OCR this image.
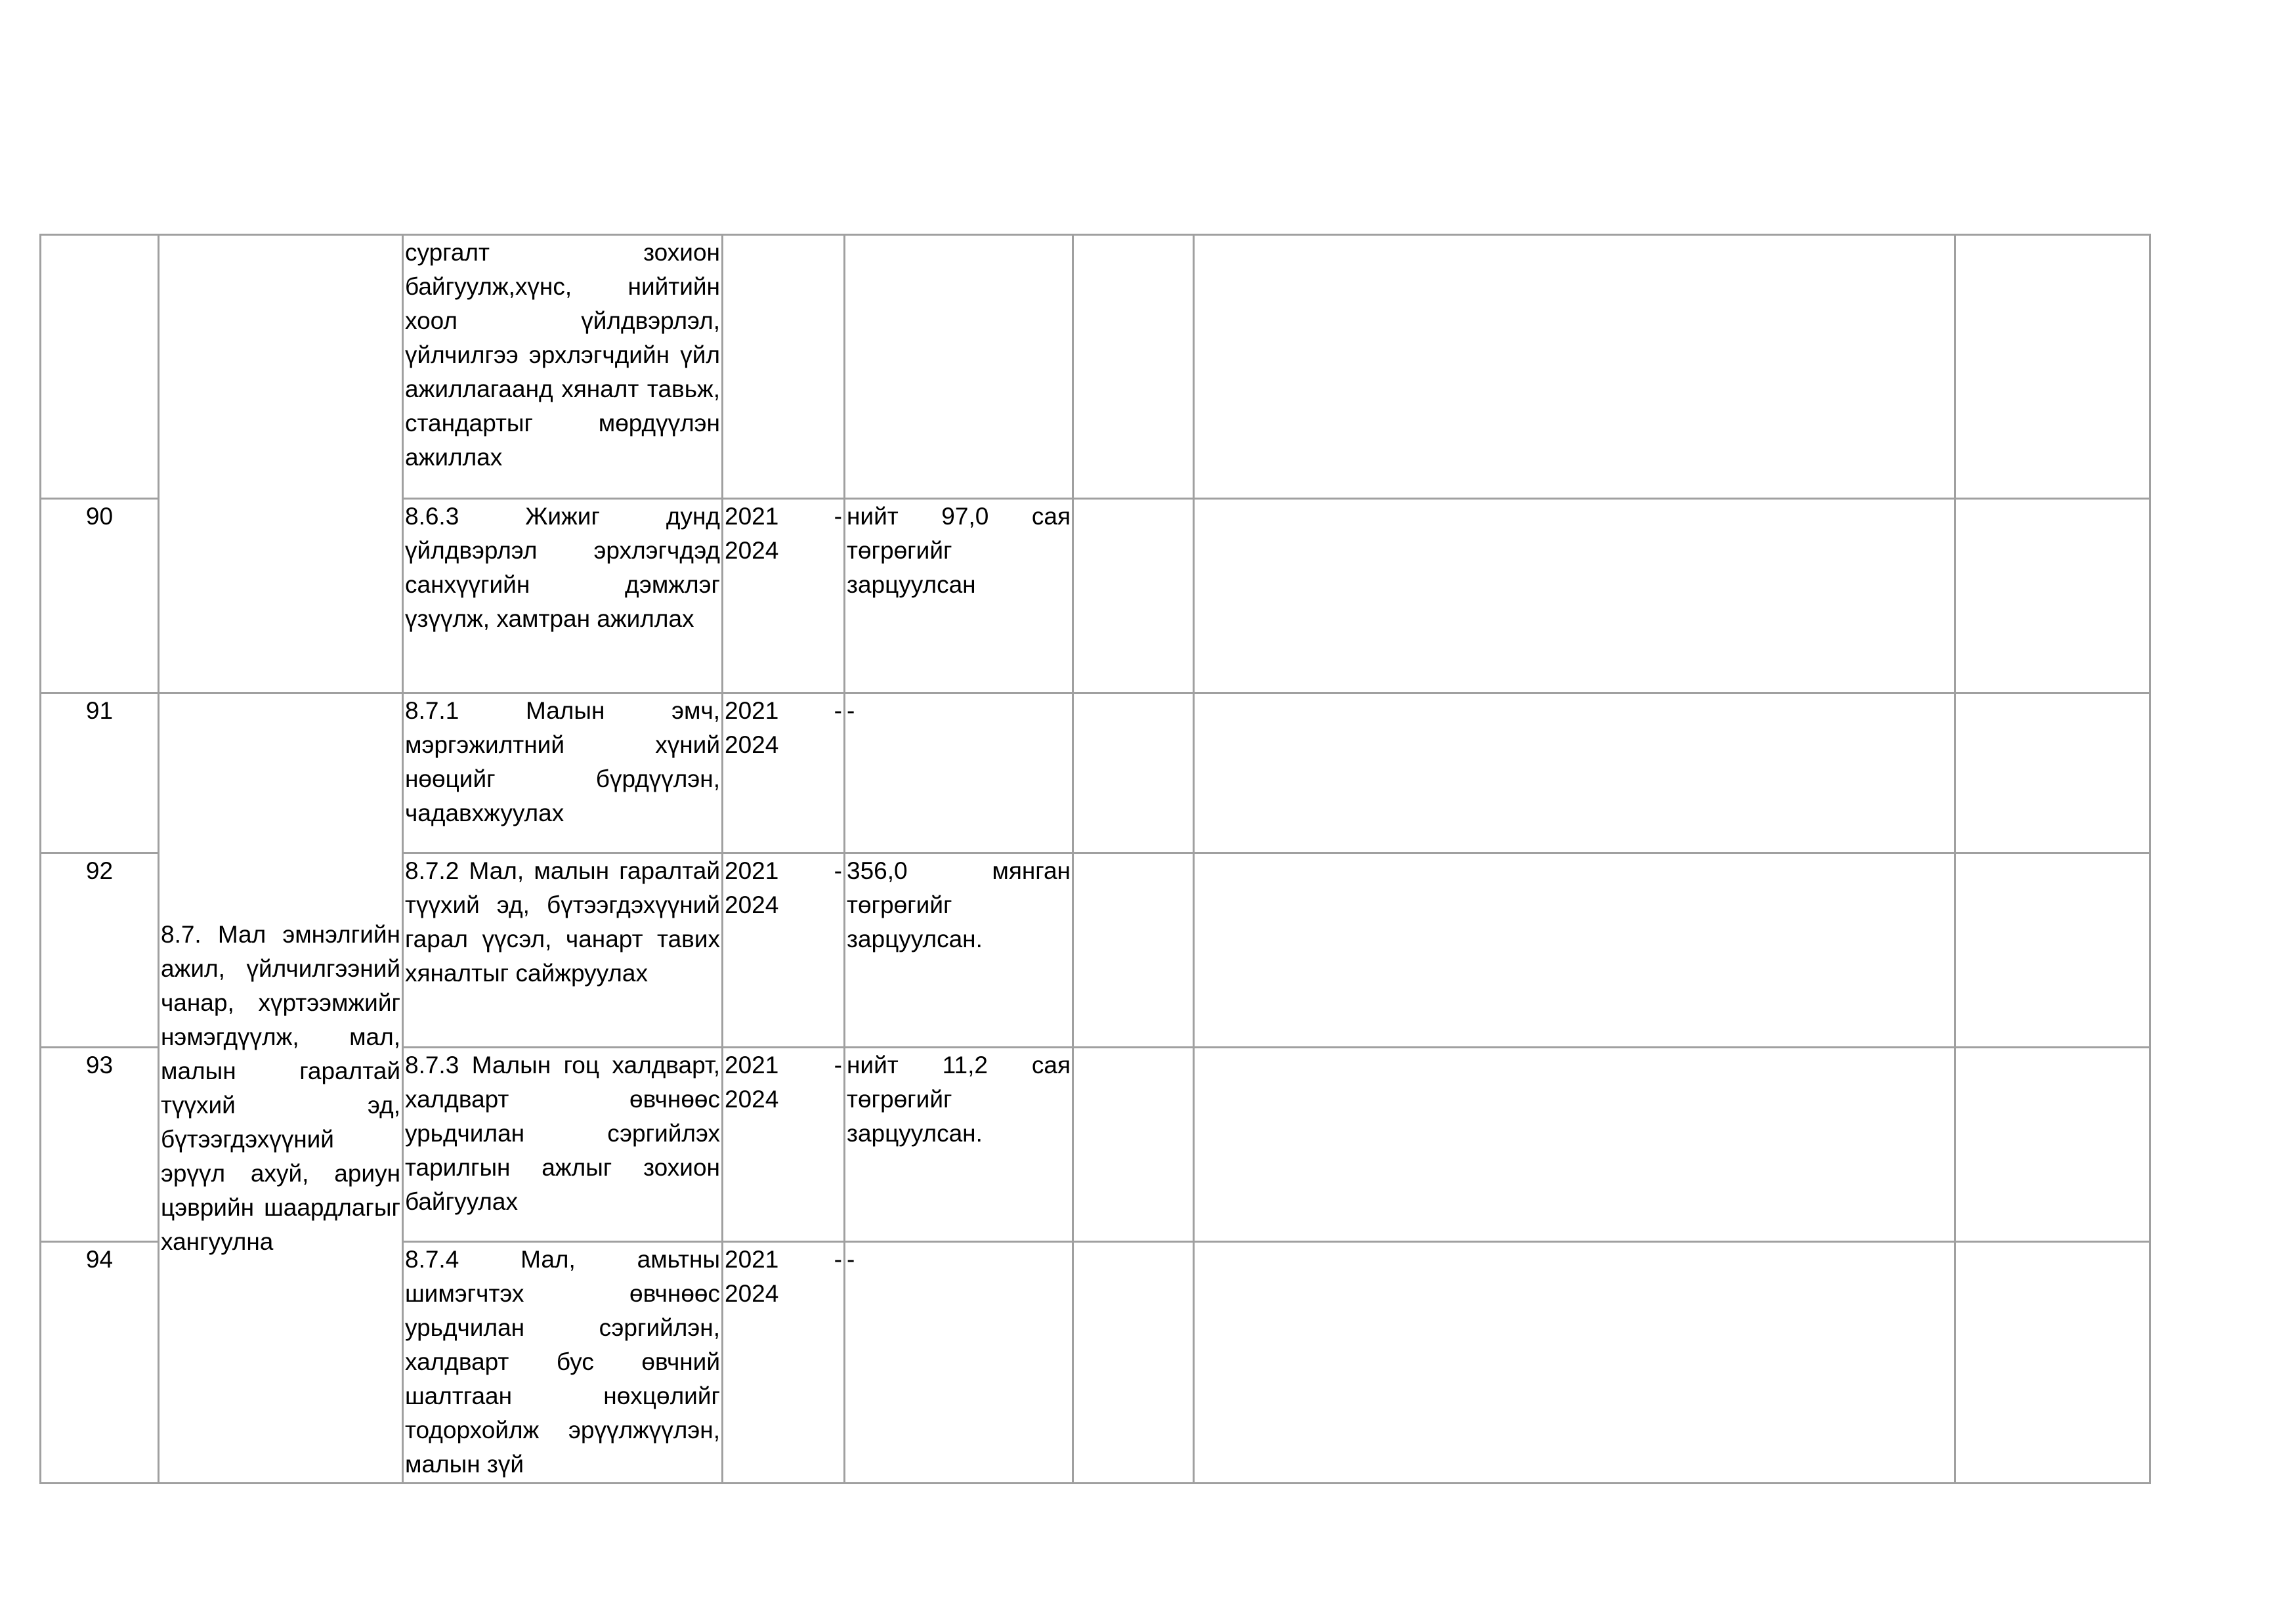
		сургалт зохион байгуулж,хүнс, нийтийн хоол үйлдвэрлэл, үйлчилгээ эрхлэгчдийн үйл ажиллагаанд хяналт тавьж, стандартыг мөрдүүлэн ажиллах					

90		8.6.3 Жижиг дунд үйлдвэрлэл эрхлэгчдэд санхүүгийн дэмжлэг үзүүлж, хамтран ажиллах	2021 -
2024	нийт 97,0 сая төгрөгийг зарцуулсан			

91	8.7. Мал эмнэлгийн ажил, үйлчилгээний чанар, хүртээмжийг нэмэгдүүлж, мал, малын гаралтай түүхий эд, бүтээгдэхүүний эрүүл ахуй, ариун цэврийн шаардлагыг хангуулна	8.7.1 Малын эмч, мэргэжилтний хүний нөөцийг бүрдүүлэн, чадавхжуулах	2021 -
2024	-			

92		8.7.2 Мал, малын гаралтай түүхий эд, бүтээгдэхүүний гарал үүсэл, чанарт тавих хяналтыг сайжруулах	2021 -
2024	356,0 мянган төгрөгийг зарцуулсан.			

93		8.7.3 Малын гоц халдварт, халдварт өвчнөөс урьдчилан сэргийлэх тарилгын ажлыг зохион байгуулах	2021 -
2024	нийт 11,2 сая төгрөгийг зарцуулсан.			

94		8.7.4 Мал, амьтны шимэгчтэх өвчнөөс урьдчилан сэргийлэн, халдварт бус өвчний шалтгаан нөхцөлийг тодорхойлж эрүүлжүүлэн, малын зүй	2021 -
2024	-			
